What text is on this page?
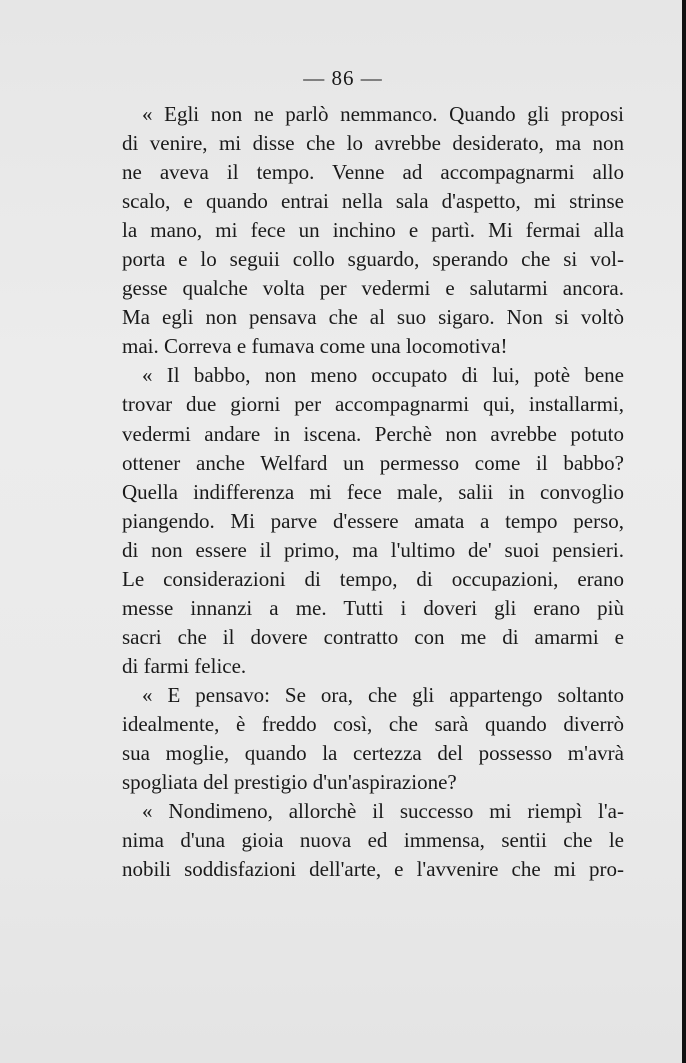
— 86 —
« Egli non ne parlò nemmanco. Quando gli proposi
di venire, mi disse che lo avrebbe desiderato, ma non
ne aveva il tempo. Venne ad accompagnarmi allo
scalo, e quando entrai nella sala d'aspetto, mi strinse
la mano, mi fece un inchino e partì. Mi fermai alla
porta e lo seguii collo sguardo, sperando che si vol-
gesse qualche volta per vedermi e salutarmi ancora.
Ma egli non pensava che al suo sigaro. Non si voltò
mai. Correva e fumava come una locomotiva!
« Il babbo, non meno occupato di lui, potè bene
trovar due giorni per accompagnarmi qui, installarmi,
vedermi andare in iscena. Perchè non avrebbe potuto
ottener anche Welfard un permesso come il babbo?
Quella indifferenza mi fece male, salii in convoglio
piangendo. Mi parve d'essere amata a tempo perso,
di non essere il primo, ma l'ultimo de' suoi pensieri.
Le considerazioni di tempo, di occupazioni, erano
messe innanzi a me. Tutti i doveri gli erano più
sacri che il dovere contratto con me di amarmi e
di farmi felice.
« E pensavo: Se ora, che gli appartengo soltanto
idealmente, è freddo così, che sarà quando diverrò
sua moglie, quando la certezza del possesso m'avrà
spogliata del prestigio d'un'aspirazione?
« Nondimeno, allorchè il successo mi riempì l'a-
nima d'una gioia nuova ed immensa, sentii che le
nobili soddisfazioni dell'arte, e l'avvenire che mi pro-
